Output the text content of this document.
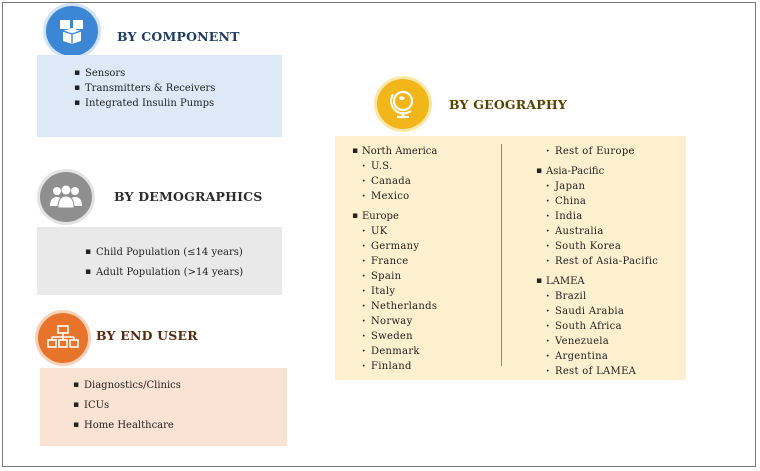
BY COMPONENT
▪ Sensors
▪ Transmitters & Receivers
▪ Integrated Insulin Pumps
BY DEMOGRAPHICS
▪ Child Population (≤14 years)
▪ Adult Population (>14 years)
BY END USER
▪ Diagnostics/Clinics
▪ ICUs
▪ Home Healthcare
BY GEOGRAPHY
▪ North America
· U.S.
· Canada
· Mexico
▪ Europe
· UK
· Germany
· France
· Spain
· Italy
· Netherlands
· Norway
· Sweden
· Denmark
· Finland
· Rest of Europe
▪ Asia-Pacific
· Japan
· China
· India
· Australia
· South Korea
· Rest of Asia-Pacific
▪ LAMEA
· Brazil
· Saudi Arabia
· South Africa
· Venezuela
· Argentina
· Rest of LAMEA
